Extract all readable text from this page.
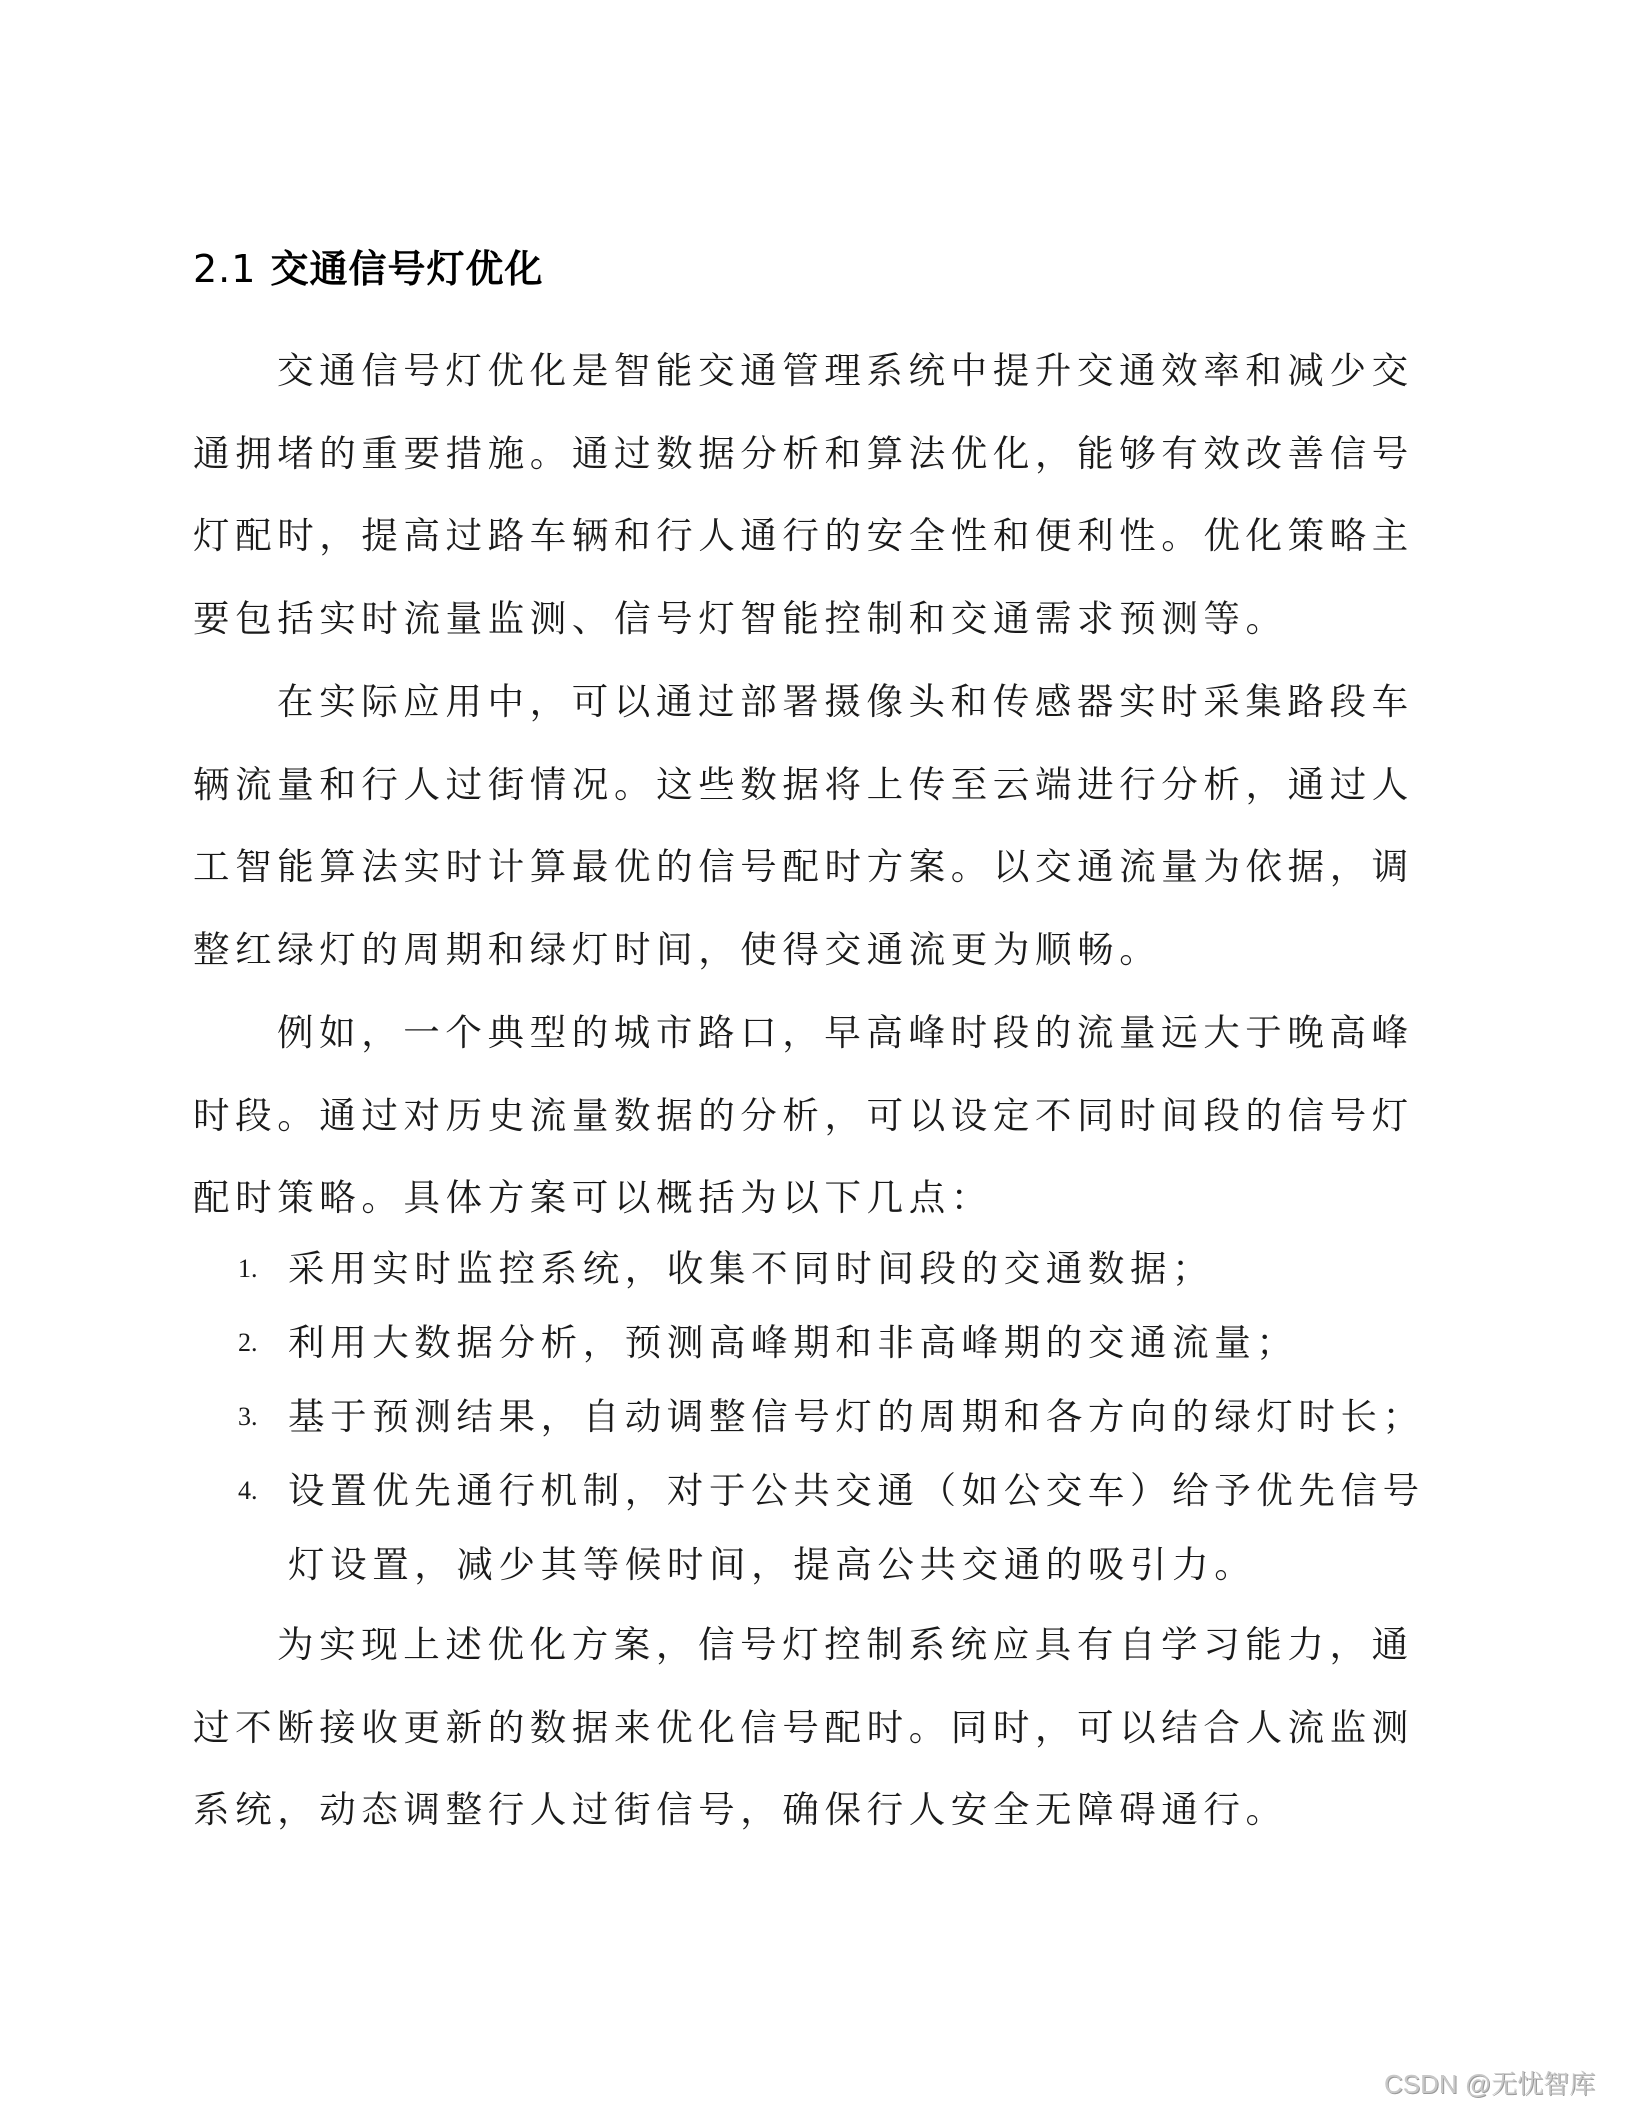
2.1 交通信号灯优化
交通信号灯优化是智能交通管理系统中提升交通效率和减少交
通拥堵的重要措施。通过数据分析和算法优化，能够有效改善信号
灯配时，提高过路车辆和行人通行的安全性和便利性。优化策略主
要包括实时流量监测、信号灯智能控制和交通需求预测等。
在实际应用中，可以通过部署摄像头和传感器实时采集路段车
辆流量和行人过街情况。这些数据将上传至云端进行分析，通过人
工智能算法实时计算最优的信号配时方案。以交通流量为依据，调
整红绿灯的周期和绿灯时间，使得交通流更为顺畅。
例如，一个典型的城市路口，早高峰时段的流量远大于晚高峰
时段。通过对历史流量数据的分析，可以设定不同时间段的信号灯
配时策略。具体方案可以概括为以下几点：
1. 采用实时监控系统，收集不同时间段的交通数据；
2. 利用大数据分析，预测高峰期和非高峰期的交通流量；
3. 基于预测结果，自动调整信号灯的周期和各方向的绿灯时长；
4. 设置优先通行机制，对于公共交通（如公交车）给予优先信号
灯设置，减少其等候时间，提高公共交通的吸引力。
为实现上述优化方案，信号灯控制系统应具有自学习能力，通
过不断接收更新的数据来优化信号配时。同时，可以结合人流监测
系统，动态调整行人过街信号，确保行人安全无障碍通行。
CSDN @无忧智库
